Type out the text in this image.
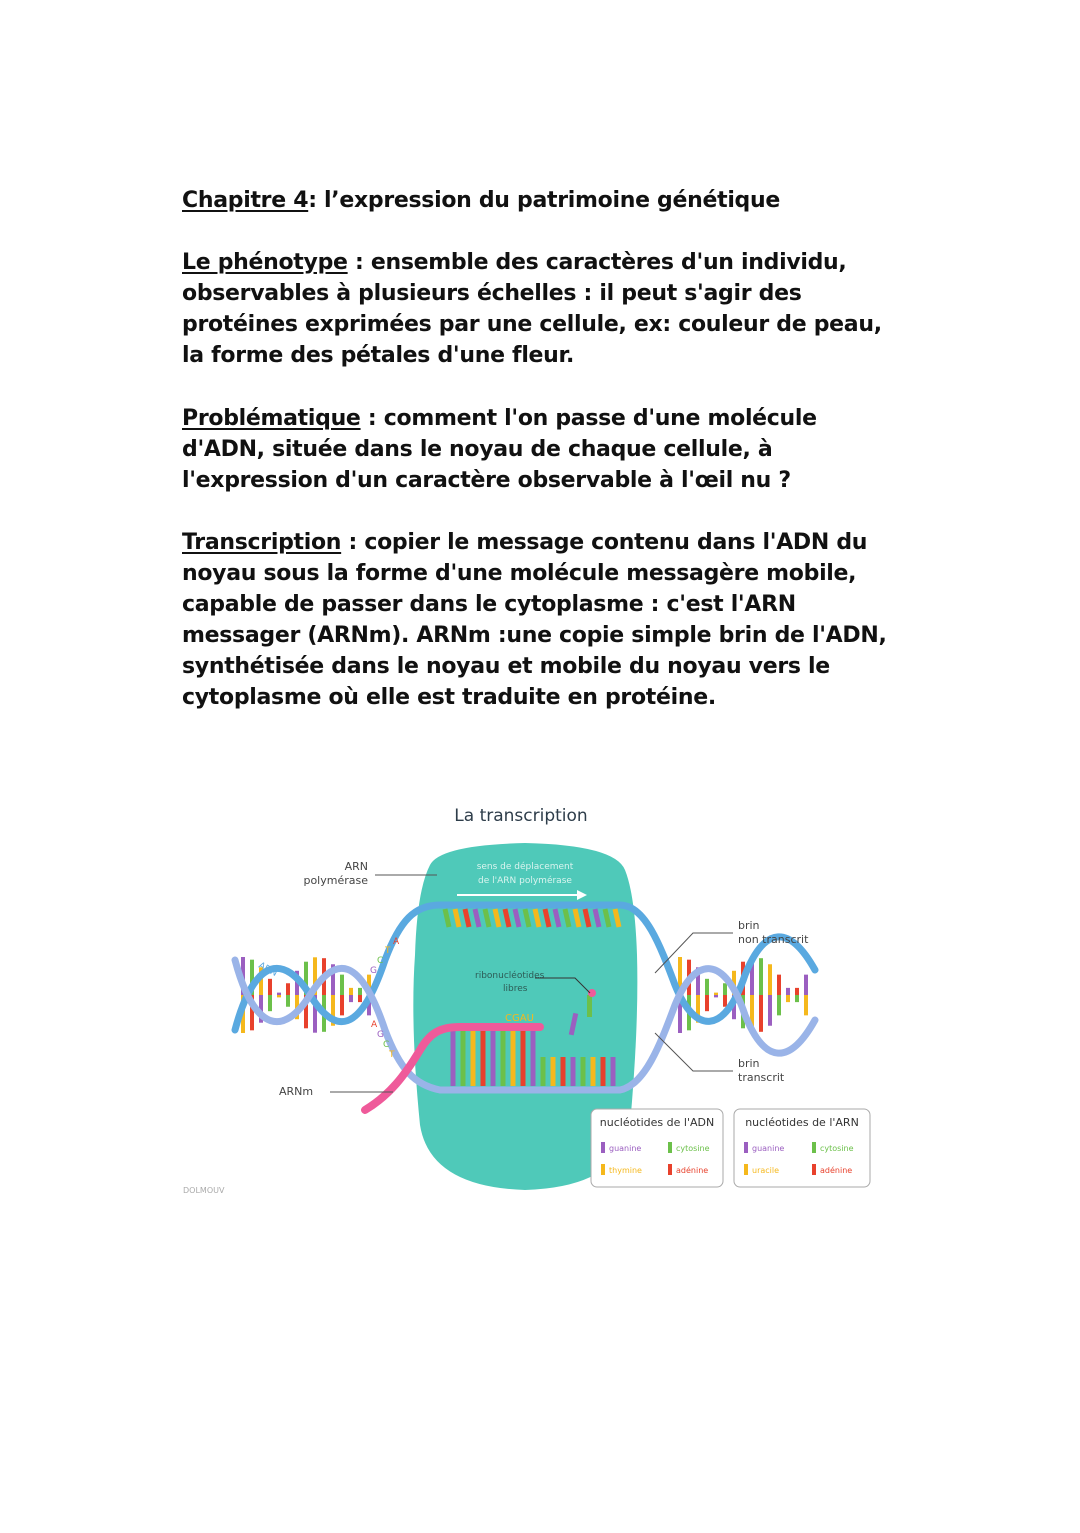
Chapitre 4: l’expression du patrimoine génétique
Le phénotype : ensemble des caractères d'un individu, observables à plusieurs échelles : il peut s'agir des protéines exprimées par une cellule, ex: couleur de peau, la forme des pétales d'une fleur.
Problématique : comment l'on passe d'une molécule d'ADN, située dans le noyau de chaque cellule, à l'expression d'un caractère observable à l'œil nu ?
Transcription : copier le message contenu dans l'ADN du noyau sous la forme d'une molécule messagère mobile, capable de passer dans le cytoplasme : c'est l'ARN messager (ARNm). ARNm :une copie simple brin de l'ADN, synthétisée dans le noyau et mobile du noyau vers le cytoplasme où elle est traduite en protéine.
La transcription
sens de déplacement
de l'ARN polymérase
G
C
T
A
A
G
C
T
ADN	ribonucléotides
libres
CGAU
ARN
polymérase
ARNm
brin
non transcrit
brin
transcrit
DOLMOUV
nucléotides de l'ADN
guanine	cytosine
thymine	adénine
nucléotides de l'ARN
guanine	cytosine
uracile	adénine
